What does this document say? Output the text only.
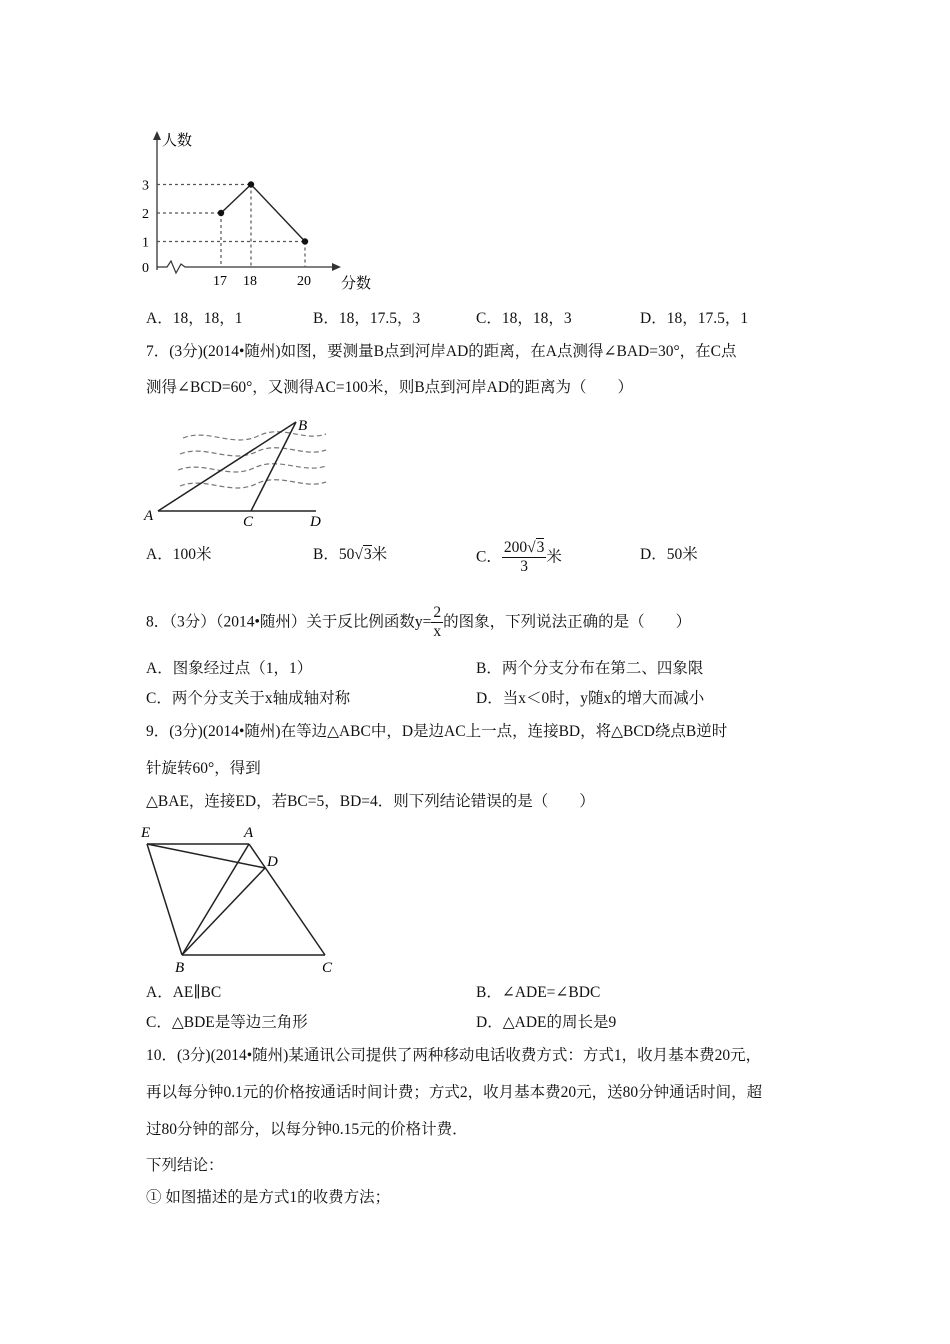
人数
分数
0
1
2
3
17 18	20
A．18，18，1	B．18，17.5，3	C．18，18，3	D．18，17.5，1
7．(3分)(2014•随州)如图，要测量B点到河岸AD的距离，在A点测得∠BAD=30°，在C点
测得∠BCD=60°，又测得AC=100米，则B点到河岸AD的距离为（　　）
A
B
C	D
A．100米	B．50√3米	C． $\frac{200√3}{3}$ 米	D．50米
8．（3分）（2014•随州）关于反比例函数$y= \frac{2}{x}$ 的图象，下列说法正确的是（　　）
A．图象经过点（1，1）	B．两个分支分布在第二、四象限
C．两个分支关于x轴成轴对称	D．当x＜0时，y随x的增大而减小
9．(3分)(2014•随州)在等边△ABC中，D是边AC上一点，连接BD，将△BCD绕点B逆时
针旋转60°，得到
△BAE，连接ED，若BC=5，BD=4．则下列结论错误的是（　　）
E	A
D
B	C
A．AE∥BC	B．∠ADE=∠BDC
C．△BDE是等边三角形	D．△ADE的周长是9
10．(3分)(2014•随州)某通讯公司提供了两种移动电话收费方式：方式1，收月基本费20元，
再以每分钟0.1元的价格按通话时间计费；方式2，收月基本费20元，送80分钟通话时间，超
过80分钟的部分，以每分钟0.15元的价格计费．
下列结论：
① 如图描述的是方式1的收费方法；
